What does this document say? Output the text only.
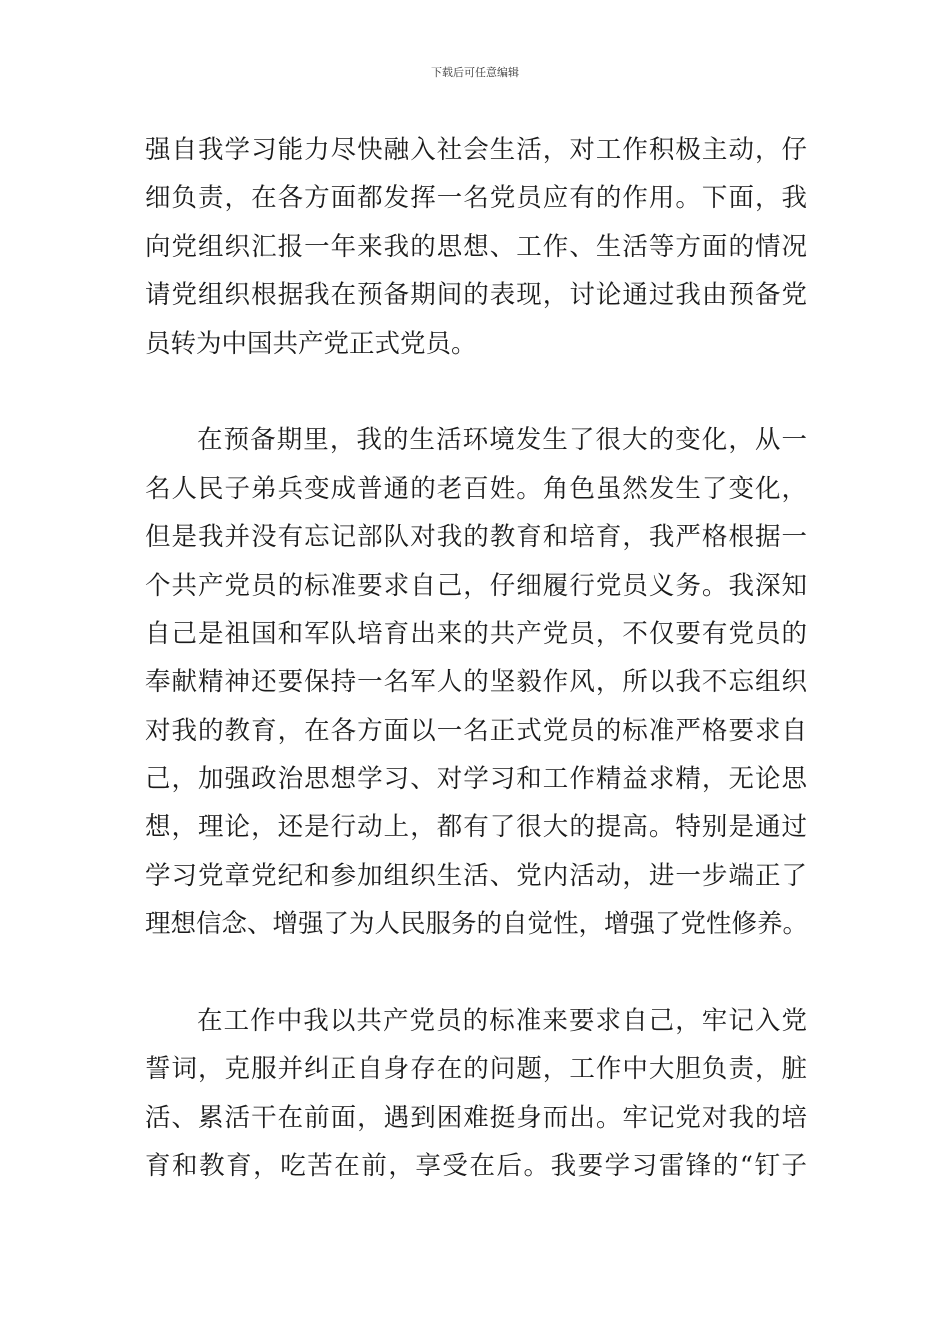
下载后可任意编辑
强自我学习能力尽快融入社会生活，对工作积极主动，仔
细负责，在各方面都发挥一名党员应有的作用。下面，我
向党组织汇报一年来我的思想、工作、生活等方面的情况
请党组织根据我在预备期间的表现，讨论通过我由预备党
员转为中国共产党正式党员。
在预备期里，我的生活环境发生了很大的变化，从一
名人民子弟兵变成普通的老百姓。角色虽然发生了变化，
但是我并没有忘记部队对我的教育和培育，我严格根据一
个共产党员的标准要求自己，仔细履行党员义务。我深知
自己是祖国和军队培育出来的共产党员，不仅要有党员的
奉献精神还要保持一名军人的坚毅作风，所以我不忘组织
对我的教育，在各方面以一名正式党员的标准严格要求自
己，加强政治思想学习、对学习和工作精益求精，无论思
想，理论，还是行动上，都有了很大的提高。特别是通过
学习党章党纪和参加组织生活、党内活动，进一步端正了
理想信念、增强了为人民服务的自觉性，增强了党性修养。
在工作中我以共产党员的标准来要求自己，牢记入党
誓词，克服并纠正自身存在的问题，工作中大胆负责，脏
活、累活干在前面，遇到困难挺身而出。牢记党对我的培
育和教育，吃苦在前，享受在后。我要学习雷锋的“钉子
